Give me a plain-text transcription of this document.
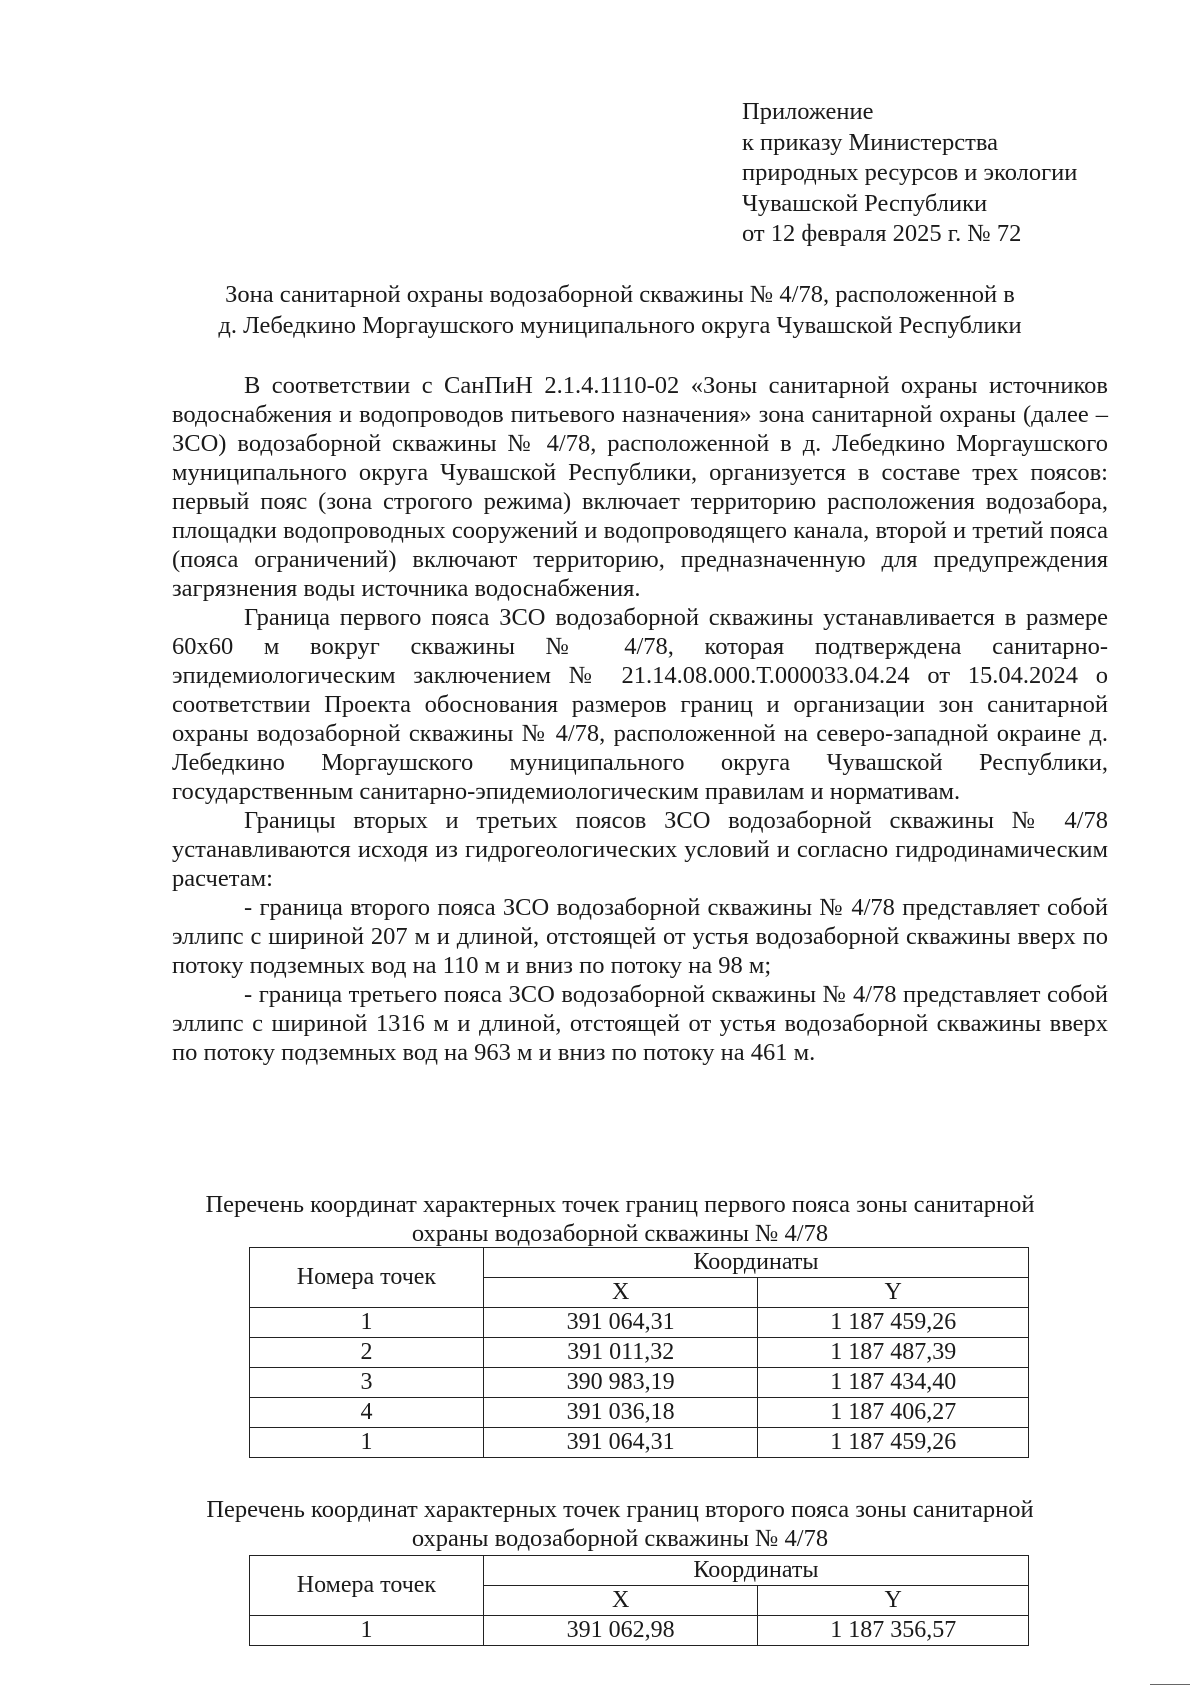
Приложение
к приказу Министерства
природных ресурсов и экологии
Чувашской Республики
от 12 февраля 2025 г. № 72
Зона санитарной охраны водозаборной скважины № 4/78, расположенной в
д. Лебедкино Моргаушского муниципального округа Чувашской Республики

В соответствии с СанПиН 2.1.4.1110-02 «Зоны санитарной охраны источников водоснабжения и водопроводов питьевого назначения» зона санитарной охраны (далее – ЗСО) водозаборной скважины № 4/78, расположенной в д. Лебедкино Моргаушского муниципального округа Чувашской Республики, организуется в составе трех поясов: первый пояс (зона строгого режима) включает территорию расположения водозабора, площадки водопроводных сооружений и водопроводящего канала, второй и третий пояса (пояса ограничений) включают территорию, предназначенную для предупреждения загрязнения воды источника водоснабжения.

Граница первого пояса ЗСО водозаборной скважины устанавливается в размере 60х60 м вокруг скважины № 4/78, которая подтверждена санитарно-эпидемиологическим заключением № 21.14.08.000.Т.000033.04.24 от 15.04.2024 о соответствии Проекта обоснования размеров границ и организации зон санитарной охраны водозаборной скважины № 4/78, расположенной на северо-западной окраине д. Лебедкино Моргаушского муниципального округа Чувашской Республики, государственным санитарно-эпидемиологическим правилам и нормативам.

Границы вторых и третьих поясов ЗСО водозаборной скважины № 4/78 устанавливаются исходя из гидрогеологических условий и согласно гидродинамическим расчетам:

- граница второго пояса ЗСО водозаборной скважины № 4/78 представляет собой эллипс с шириной 207 м и длиной, отстоящей от устья водозаборной скважины вверх по потоку подземных вод на 110 м и вниз по потоку на 98 м;

- граница третьего пояса ЗСО водозаборной скважины № 4/78 представляет собой эллипс с шириной 1316 м и длиной, отстоящей от устья водозаборной скважины вверх по потоку подземных вод на 963 м и вниз по потоку на 461 м.

Перечень координат характерных точек границ первого пояса зоны санитарной
охраны водозаборной скважины № 4/78
Номера точек	Координаты	
	X	Y
1	391 064,31	1 187 459,26
2	391 011,32	1 187 487,39
3	390 983,19	1 187 434,40
4	391 036,18	1 187 406,27
1	391 064,31	1 187 459,26
Перечень координат характерных точек границ второго пояса зоны санитарной
охраны водозаборной скважины № 4/78
Номера точек	Координаты	
	X	Y
1	391 062,98	1 187 356,57
